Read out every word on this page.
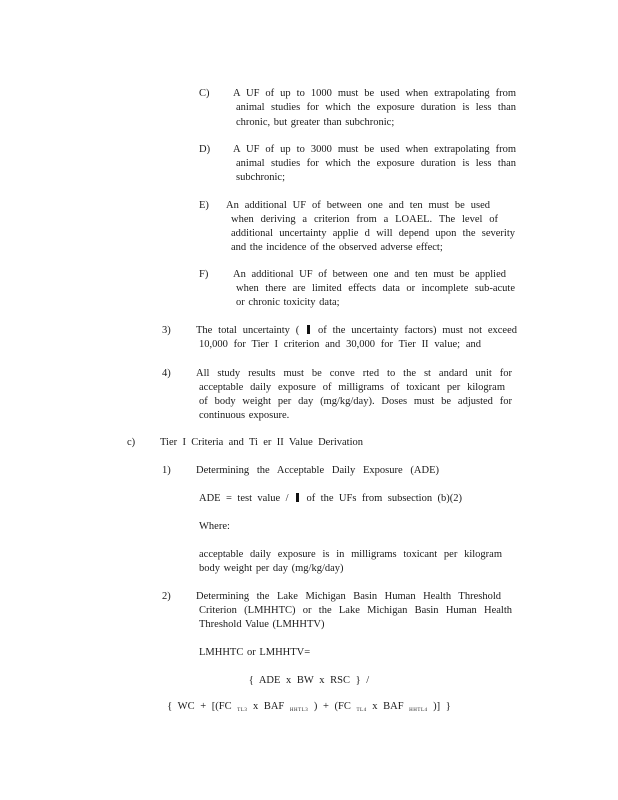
C) A UF of up to 1000 must be used when extrapolating from
animal studies for which the exposure duration is less than
chronic, but greater than subchronic;
D) A UF of up to 3000 must be used when extrapolating from
animal studies for which the exposure duration is less than
subchronic;
E) An additional UF of between one and ten must be used
when deriving a criterion from a LOAEL. The level of
additional uncertainty applie d will depend upon the severity
and the incidence of the observed adverse effect;
F) An additional UF of between one and ten must be applied
when there are limited effects data or incomplete sub-acute
or chronic toxicity data;
3) The total uncertainty ( of the uncertainty factors) must not exceed
10,000 for Tier I criterion and 30,000 for Tier II value; and
4) All study results must be conve rted to the st andard unit for
acceptable daily exposure of milligrams of toxicant per kilogram
of body weight per day (mg/kg/day). Doses must be adjusted for
continuous exposure.
c) Tier I Criteria and Ti er II Value Derivation
1) Determining the Acceptable Daily Exposure (ADE)
ADE = test value / of the UFs from subsection (b)(2)
Where:
acceptable daily exposure is in milligrams toxicant per kilogram
body weight per day (mg/kg/day)
2) Determining the Lake Michigan Basin Human Health Threshold
Criterion (LMHHTC) or the Lake Michigan Basin Human Health
Threshold Value (LMHHTV)
LMHHTC or LMHHTV=
{ ADE x BW x RSC } /
{ WC + [(FC $_{TL3}$ x BAF $_{HHTL3}$ ) + (FC $_{TL4}$ x BAF $_{HHTL4}$ )] }
